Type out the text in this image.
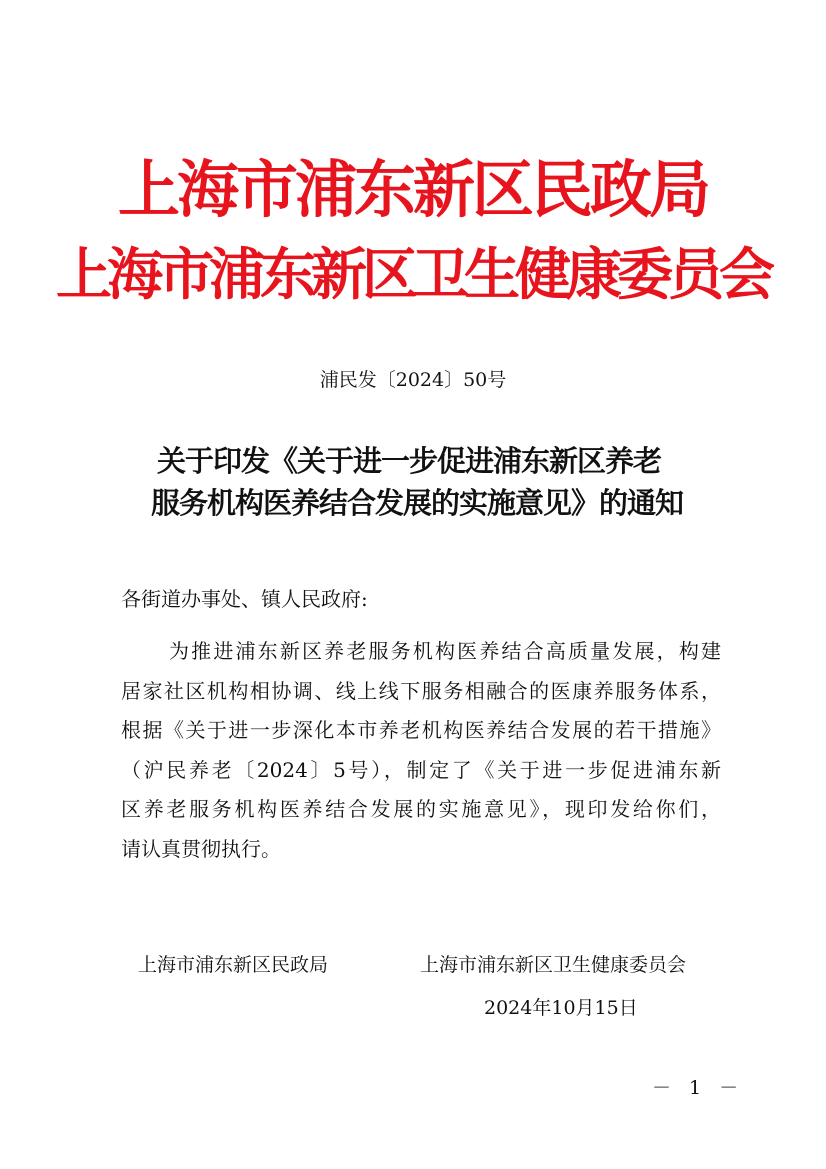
上海市浦东新区民政局
上海市浦东新区卫生健康委员会
浦民发〔2024〕50号
关于印发《关于进一步促进浦东新区养老
服务机构医养结合发展的实施意见》的通知
各街道办事处、镇人民政府:
为推进浦东新区养老服务机构医养结合高质量发展，构建
居家社区机构相协调、线上线下服务相融合的医康养服务体系，
根据《关于进一步深化本市养老机构医养结合发展的若干措施》
（沪民养老〔2024〕5号），制定了《关于进一步促进浦东新
区养老服务机构医养结合发展的实施意见》，现印发给你们，
请认真贯彻执行。
上海市浦东新区民政局	上海市浦东新区卫生健康委员会
2024年10月15日
－ 1 －
